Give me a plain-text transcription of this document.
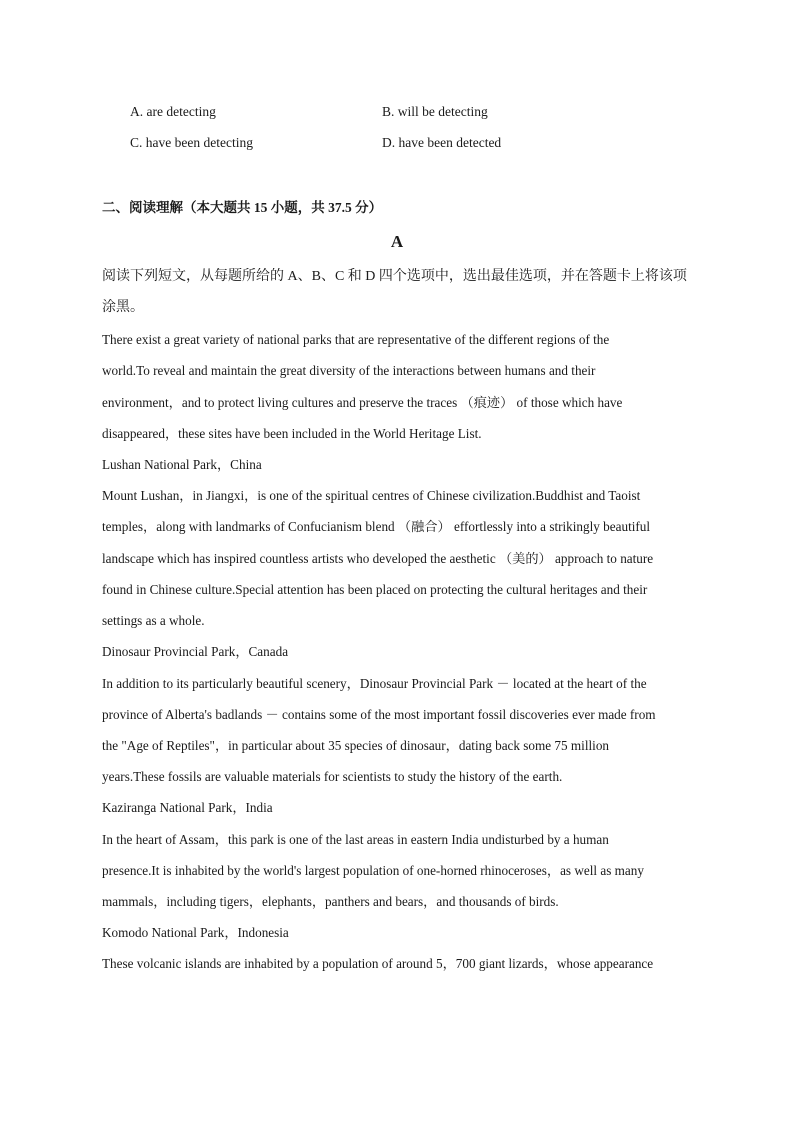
A. are detecting	B. will be detecting
C. have been detecting	D. have been detected
二、阅读理解（本大题共 15 小题，共 37.5 分）
A
阅读下列短文，从每题所给的 A、B、C 和 D 四个选项中，选出最佳选项，并在答题卡上将该项
涂黑。
There exist a great variety of national parks that are representative of the different regions of the
world.To reveal and maintain the great diversity of the interactions between humans and their
environment，and to protect living cultures and preserve the traces （痕迹） of those which have
disappeared，these sites have been included in the World Heritage List.
Lushan National Park，China
Mount Lushan，in Jiangxi，is one of the spiritual centres of Chinese civilization.Buddhist and Taoist
temples，along with landmarks of Confucianism blend （融合） effortlessly into a strikingly beautiful
landscape which has inspired countless artists who developed the aesthetic （美的） approach to nature
found in Chinese culture.Special attention has been placed on protecting the cultural heritages and their
settings as a whole.
Dinosaur Provincial Park，Canada
In addition to its particularly beautiful scenery，Dinosaur Provincial Park － located at the heart of the
province of Alberta's badlands － contains some of the most important fossil discoveries ever made from
the "Age of Reptiles"，in particular about 35 species of dinosaur，dating back some 75 million
years.These fossils are valuable materials for scientists to study the history of the earth.
Kaziranga National Park，India
In the heart of Assam，this park is one of the last areas in eastern India undisturbed by a human
presence.It is inhabited by the world's largest population of one-horned rhinoceroses，as well as many
mammals，including tigers，elephants，panthers and bears，and thousands of birds.
Komodo National Park，Indonesia
These volcanic islands are inhabited by a population of around 5，700 giant lizards，whose appearance
